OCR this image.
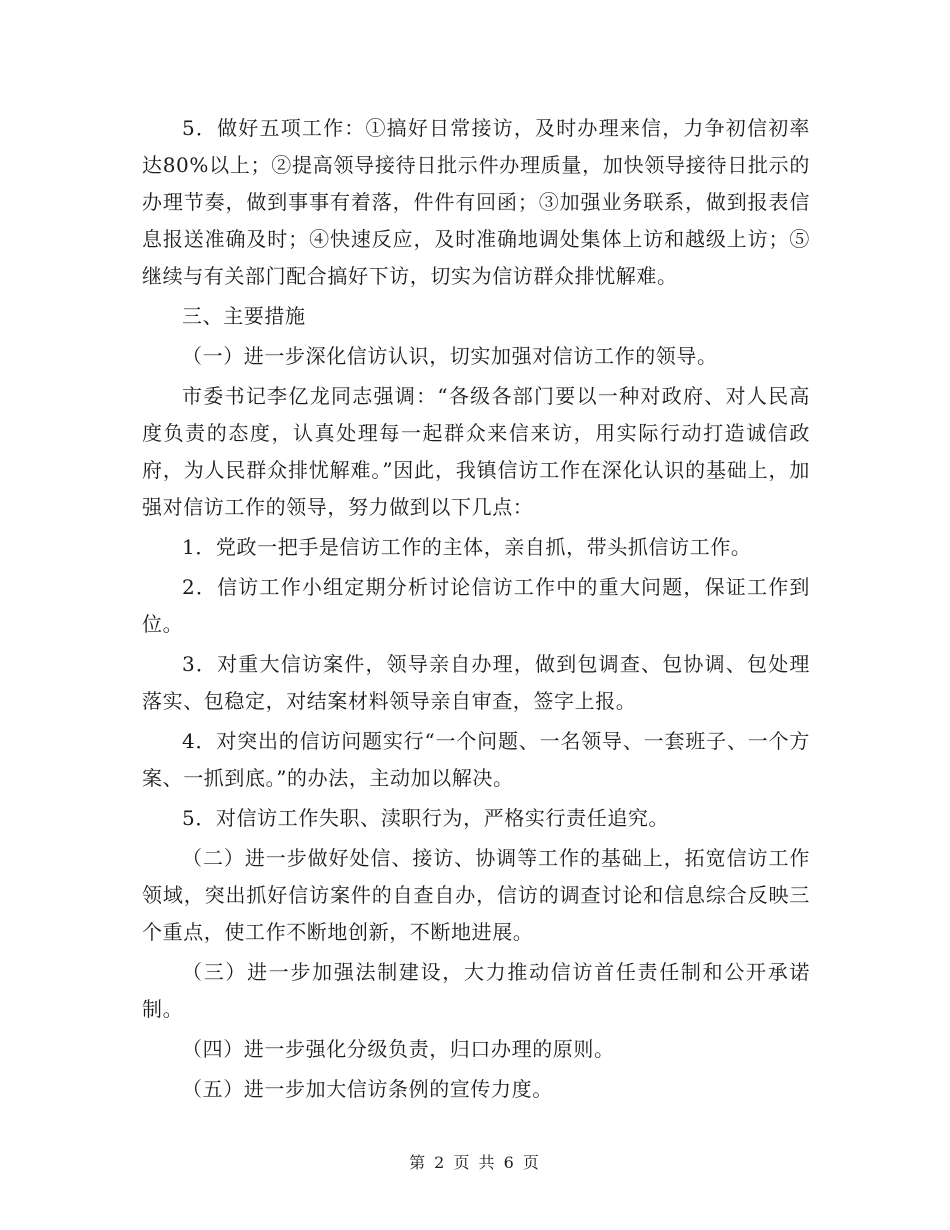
5．做好五项工作：①搞好日常接访，及时办理来信，力争初信初率达80%以上；②提高领导接待日批示件办理质量，加快领导接待日批示的办理节奏，做到事事有着落，件件有回函；③加强业务联系，做到报表信息报送准确及时；④快速反应，及时准确地调处集体上访和越级上访；⑤继续与有关部门配合搞好下访，切实为信访群众排忧解难。

三、主要措施

（一）进一步深化信访认识，切实加强对信访工作的领导。

市委书记李亿龙同志强调：“各级各部门要以一种对政府、对人民高度负责的态度，认真处理每一起群众来信来访，用实际行动打造诚信政府，为人民群众排忧解难。”因此，我镇信访工作在深化认识的基础上，加强对信访工作的领导，努力做到以下几点：

1．党政一把手是信访工作的主体，亲自抓，带头抓信访工作。

2．信访工作小组定期分析讨论信访工作中的重大问题，保证工作到位。

3．对重大信访案件，领导亲自办理，做到包调查、包协调、包处理落实、包稳定，对结案材料领导亲自审查，签字上报。

4．对突出的信访问题实行“一个问题、一名领导、一套班子、一个方案、一抓到底。”的办法，主动加以解决。

5．对信访工作失职、渎职行为，严格实行责任追究。

（二）进一步做好处信、接访、协调等工作的基础上，拓宽信访工作领域，突出抓好信访案件的自查自办，信访的调查讨论和信息综合反映三个重点，使工作不断地创新，不断地进展。

（三）进一步加强法制建设，大力推动信访首任责任制和公开承诺制。

（四）进一步强化分级负责，归口办理的原则。

（五）进一步加大信访条例的宣传力度。

第 2 页 共 6 页
